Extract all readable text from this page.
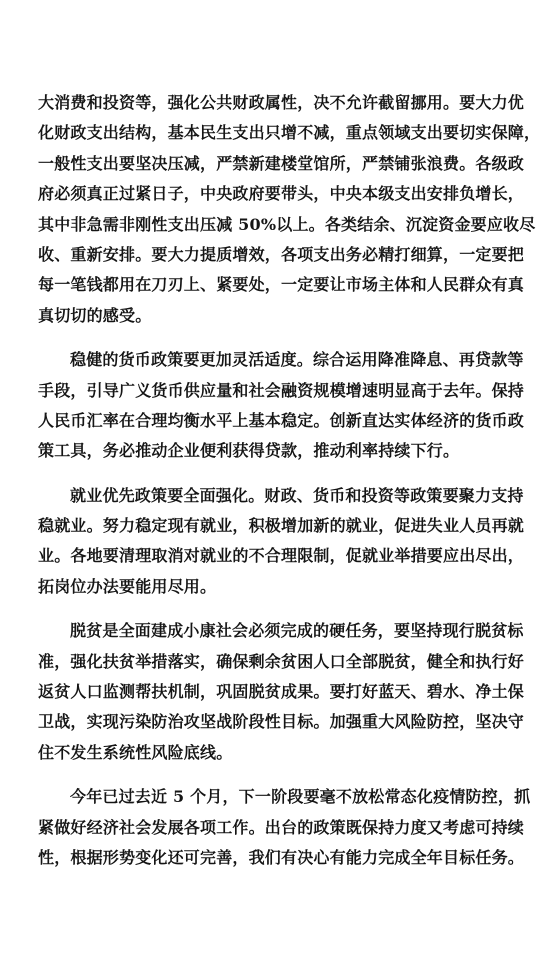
大消费和投资等，强化公共财政属性，决不允许截留挪用。要大力优
化财政支出结构，基本民生支出只增不减，重点领域支出要切实保障，
一般性支出要坚决压减，严禁新建楼堂馆所，严禁铺张浪费。各级政
府必须真正过紧日子，中央政府要带头，中央本级支出安排负增长，
其中非急需非刚性支出压减 50%以上。各类结余、沉淀资金要应收尽
收、重新安排。要大力提质增效，各项支出务必精打细算，一定要把
每一笔钱都用在刀刃上、紧要处，一定要让市场主体和人民群众有真
真切切的感受。
稳健的货币政策要更加灵活适度。综合运用降准降息、再贷款等
手段，引导广义货币供应量和社会融资规模增速明显高于去年。保持
人民币汇率在合理均衡水平上基本稳定。创新直达实体经济的货币政
策工具，务必推动企业便利获得贷款，推动利率持续下行。
就业优先政策要全面强化。财政、货币和投资等政策要聚力支持
稳就业。努力稳定现有就业，积极增加新的就业，促进失业人员再就
业。各地要清理取消对就业的不合理限制，促就业举措要应出尽出，
拓岗位办法要能用尽用。
脱贫是全面建成小康社会必须完成的硬任务，要坚持现行脱贫标
准，强化扶贫举措落实，确保剩余贫困人口全部脱贫，健全和执行好
返贫人口监测帮扶机制，巩固脱贫成果。要打好蓝天、碧水、净土保
卫战，实现污染防治攻坚战阶段性目标。加强重大风险防控，坚决守
住不发生系统性风险底线。
今年已过去近 5 个月，下一阶段要毫不放松常态化疫情防控，抓
紧做好经济社会发展各项工作。出台的政策既保持力度又考虑可持续
性，根据形势变化还可完善，我们有决心有能力完成全年目标任务。
